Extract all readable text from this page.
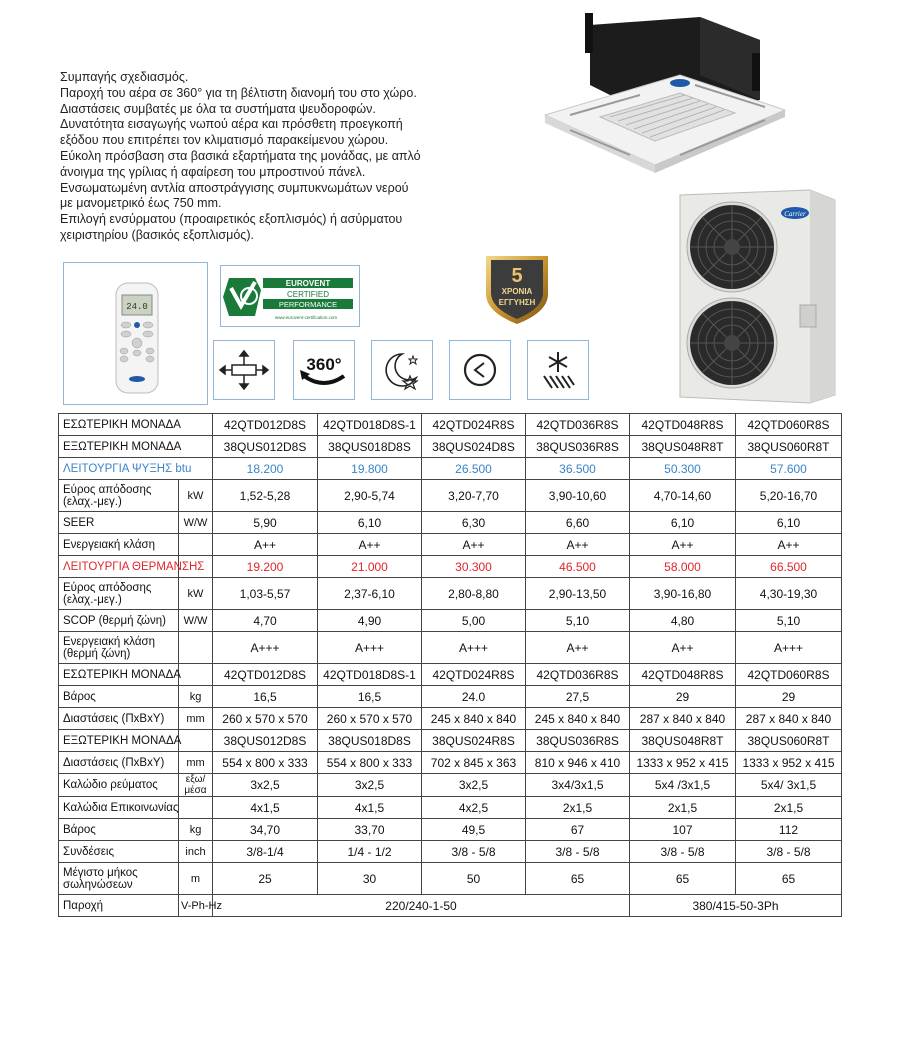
Συμπαγής σχεδιασμός.
Παροχή του αέρα σε 360° για τη βέλτιστη διανομή του στο χώρο.
Διαστάσεις συμβατές με όλα τα συστήματα ψευδοροφών.
Δυνατότητα εισαγωγής νωπού αέρα και πρόσθετη προεγκοπή
εξόδου που επιτρέπει τον κλιματισμό παρακείμενου χώρου.
Εύκολη πρόσβαση στα βασικά εξαρτήματα της μονάδας, με απλό
άνοιγμα της γρίλιας ή αφαίρεση του μπροστινού πάνελ.
Ενσωματωμένη αντλία αποστράγγισης συμπυκνωμάτων νερού
με μανομετρικό έως 750 mm.
Επιλογή ενσύρματου (προαιρετικός εξοπλισμός) ή ασύρματου
χειριστηρίου (βασικός εξοπλισμός).
Carrier
24.0
EUROVENT
CERTIFIED
PERFORMANCE
www.eurovent-certification.com
5
ΧΡΟΝΙΑ
ΕΓΓΥΗΣΗ
360°
ΕΣΩΤΕΡΙΚΗ ΜΟΝΑΔΑ		42QTD012D8S	42QTD018D8S-1	42QTD024R8S	42QTD036R8S	42QTD048R8S	42QTD060R8S
ΕΞΩΤΕΡΙΚΗ ΜΟΝΑΔΑ		38QUS012D8S	38QUS018D8S	38QUS024D8S	38QUS036R8S	38QUS048R8T	38QUS060R8T
ΛΕΙΤΟΥΡΓΙΑ ΨΥΞΗΣ btu		18.200	19.800	26.500	36.500	50.300	57.600
Εύρος απόδοσης (ελαχ.-μεγ.)	kW	1,52-5,28	2,90-5,74	3,20-7,70	3,90-10,60	4,70-14,60	5,20-16,70
SEER	W/W	5,90	6,10	6,30	6,60	6,10	6,10
Ενεργειακή κλάση		A++	A++	A++	A++	A++	A++
ΛΕΙΤΟΥΡΓΙΑ ΘΕΡΜΑΝΣΗΣ		19.200	21.000	30.300	46.500	58.000	66.500
Εύρος απόδοσης (ελαχ.-μεγ.)	kW	1,03-5,57	2,37-6,10	2,80-8,80	2,90-13,50	3,90-16,80	4,30-19,30
SCOP (θερμή ζώνη)	W/W	4,70	4,90	5,00	5,10	4,80	5,10
Ενεργειακή κλάση (θερμή ζώνη)		A+++	A+++	A+++	A++	A++	A+++
ΕΣΩΤΕΡΙΚΗ ΜΟΝΑΔΑ		42QTD012D8S	42QTD018D8S-1	42QTD024R8S	42QTD036R8S	42QTD048R8S	42QTD060R8S
Βάρος	kg	16,5	16,5	24.0	27,5	29	29
Διαστάσεις (ΠxΒxΥ)	mm	260 x 570 x 570	260 x 570 x 570	245 x 840 x 840	245 x 840 x 840	287 x 840 x 840	287 x 840 x 840
ΕΞΩΤΕΡΙΚΗ ΜΟΝΑΔΑ		38QUS012D8S	38QUS018D8S	38QUS024R8S	38QUS036R8S	38QUS048R8T	38QUS060R8T
Διαστάσεις (ΠxΒxΥ)	mm	554 x 800 x 333	554 x 800 x 333	702 x 845 x 363	810 x 946 x 410	1333 x 952 x 415	1333 x 952 x 415
Καλώδιο ρεύματος	εξω/ μέσα	3x2,5	3x2,5	3x2,5	3x4/3x1,5	5x4 /3x1,5	5x4/ 3x1,5
Καλώδια Επικοινωνίας		4x1,5	4x1,5	4x2,5	2x1,5	2x1,5	2x1,5
Βάρος	kg	34,70	33,70	49,5	67	107	112
Συνδέσεις	inch	3/8-1/4	1/4 - 1/2	3/8 - 5/8	3/8 - 5/8	3/8 - 5/8	3/8 - 5/8
Μέγιστο μήκος σωληνώσεων	m	25	30	50	65	65	65
Παροχή	V-Ph-Hz	220/240-1-50				380/415-50-3Ph	
